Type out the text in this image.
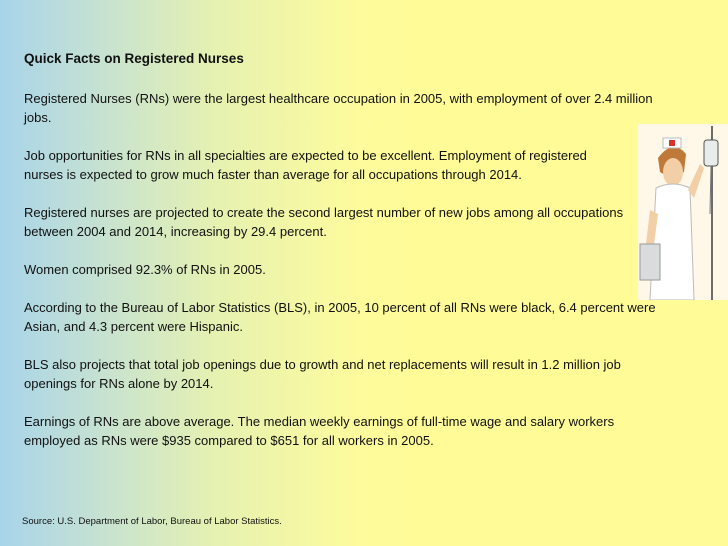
Quick Facts on Registered Nurses

Registered Nurses (RNs) were the largest healthcare occupation in 2005, with employment of over 2.4 million jobs.

Job opportunities for RNs in all specialties are expected to be excellent. Employment of registered nurses is expected to grow much faster than average for all occupations through 2014.

Registered nurses are projected to create the second largest number of new jobs among all occupations between 2004 and 2014, increasing by 29.4 percent.

Women comprised 92.3% of RNs in 2005.

According to the Bureau of Labor Statistics (BLS), in 2005, 10 percent of all RNs were black, 6.4 percent were Asian, and 4.3 percent were Hispanic.

BLS also projects that total job openings due to growth and net replacements will result in 1.2 million job openings for RNs alone by 2014.

Earnings of RNs are above average. The median weekly earnings of full-time wage and salary workers employed as RNs were $935 compared to $651 for all workers in 2005.

Source: U.S. Department of Labor, Bureau of Labor Statistics.
